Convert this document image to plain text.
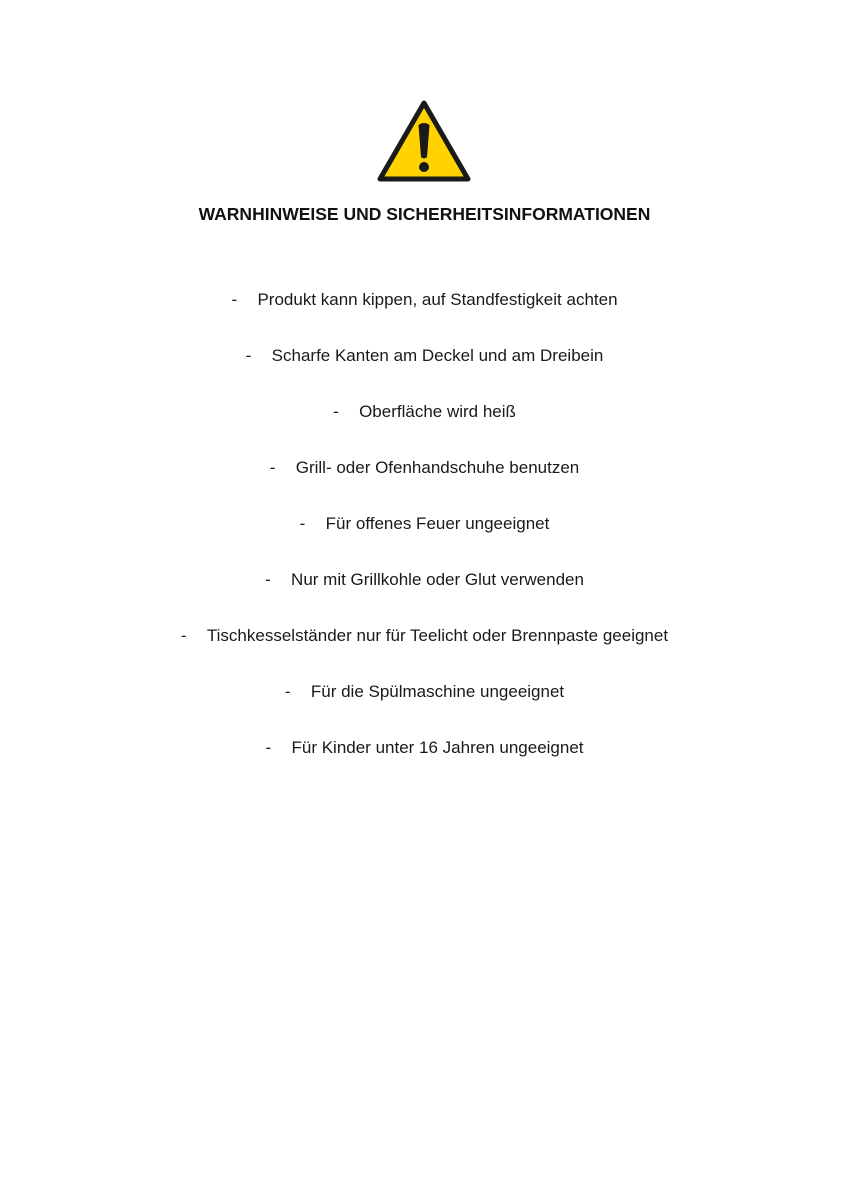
WARNHINWEISE UND SICHERHEITSINFORMATIONEN
- Produkt kann kippen, auf Standfestigkeit achten
- Scharfe Kanten am Deckel und am Dreibein
- Oberfläche wird heiß
- Grill- oder Ofenhandschuhe benutzen
- Für offenes Feuer ungeeignet
- Nur mit Grillkohle oder Glut verwenden
- Tischkesselständer nur für Teelicht oder Brennpaste geeignet
- Für die Spülmaschine ungeeignet
- Für Kinder unter 16 Jahren ungeeignet
